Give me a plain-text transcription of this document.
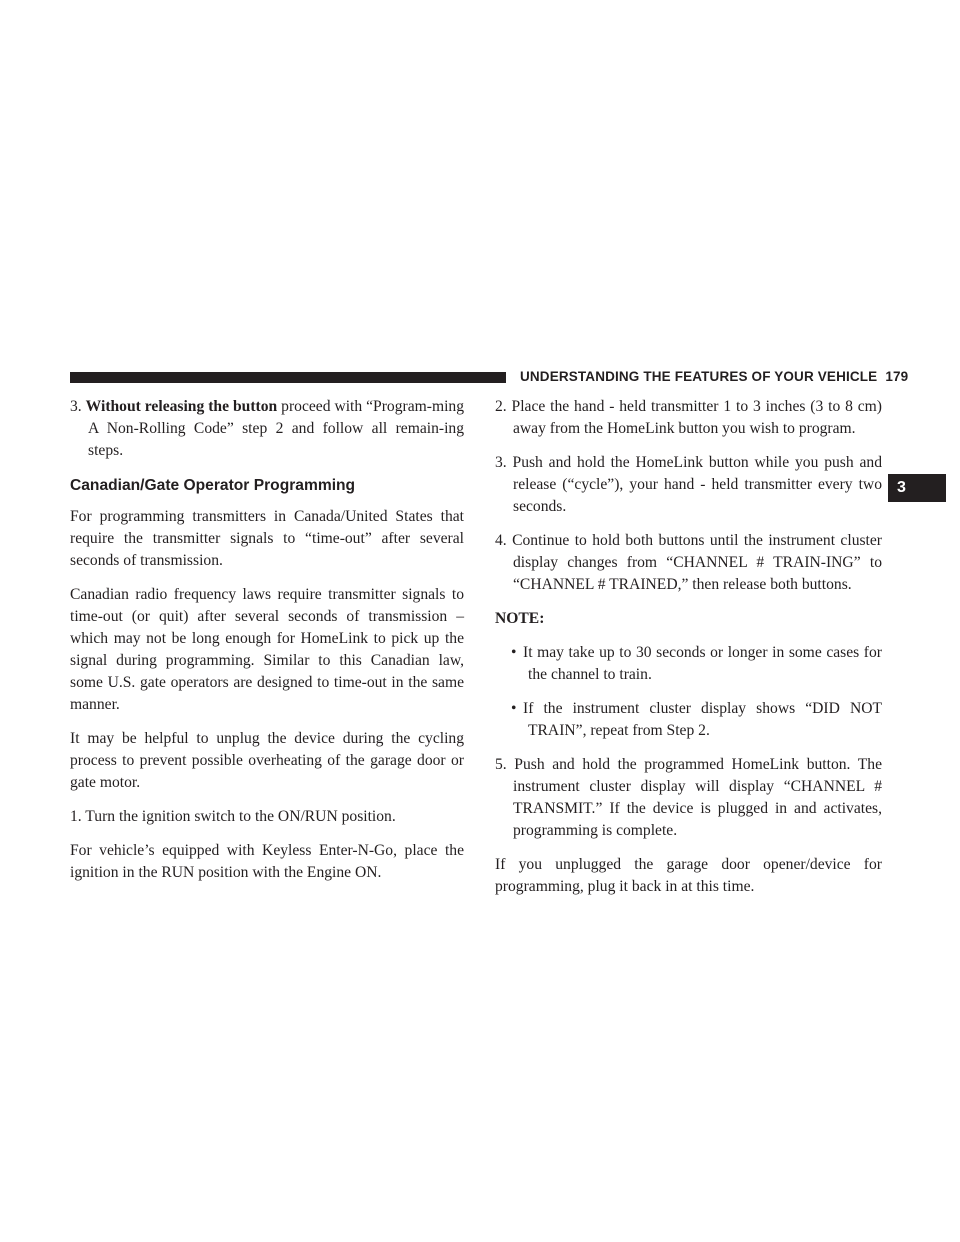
UNDERSTANDING THE FEATURES OF YOUR VEHICLE 179
3

3. Without releasing the button proceed with “Program-ming A Non-Rolling Code” step 2 and follow all remain-ing steps.

Canadian/Gate Operator Programming

For programming transmitters in Canada/United States that require the transmitter signals to “time-out” after several seconds of transmission.

Canadian radio frequency laws require transmitter signals to time-out (or quit) after several seconds of transmission – which may not be long enough for HomeLink to pick up the signal during programming. Similar to this Canadian law, some U.S. gate operators are designed to time-out in the same manner.

It may be helpful to unplug the device during the cycling process to prevent possible overheating of the garage door or gate motor.

1. Turn the ignition switch to the ON/RUN position.

For vehicle’s equipped with Keyless Enter-N-Go, place the ignition in the RUN position with the Engine ON.

2. Place the hand - held transmitter 1 to 3 inches (3 to 8 cm) away from the HomeLink button you wish to program.

3. Push and hold the HomeLink button while you push and release (“cycle”), your hand - held transmitter every two seconds.

4. Continue to hold both buttons until the instrument cluster display changes from “CHANNEL # TRAIN-ING” to “CHANNEL # TRAINED,” then release both buttons.

NOTE:

• It may take up to 30 seconds or longer in some cases for the channel to train.

• If the instrument cluster display shows “DID NOT TRAIN”, repeat from Step 2.

5. Push and hold the programmed HomeLink button. The instrument cluster display will display “CHANNEL # TRANSMIT.” If the device is plugged in and activates, programming is complete.

If you unplugged the garage door opener/device for programming, plug it back in at this time.
